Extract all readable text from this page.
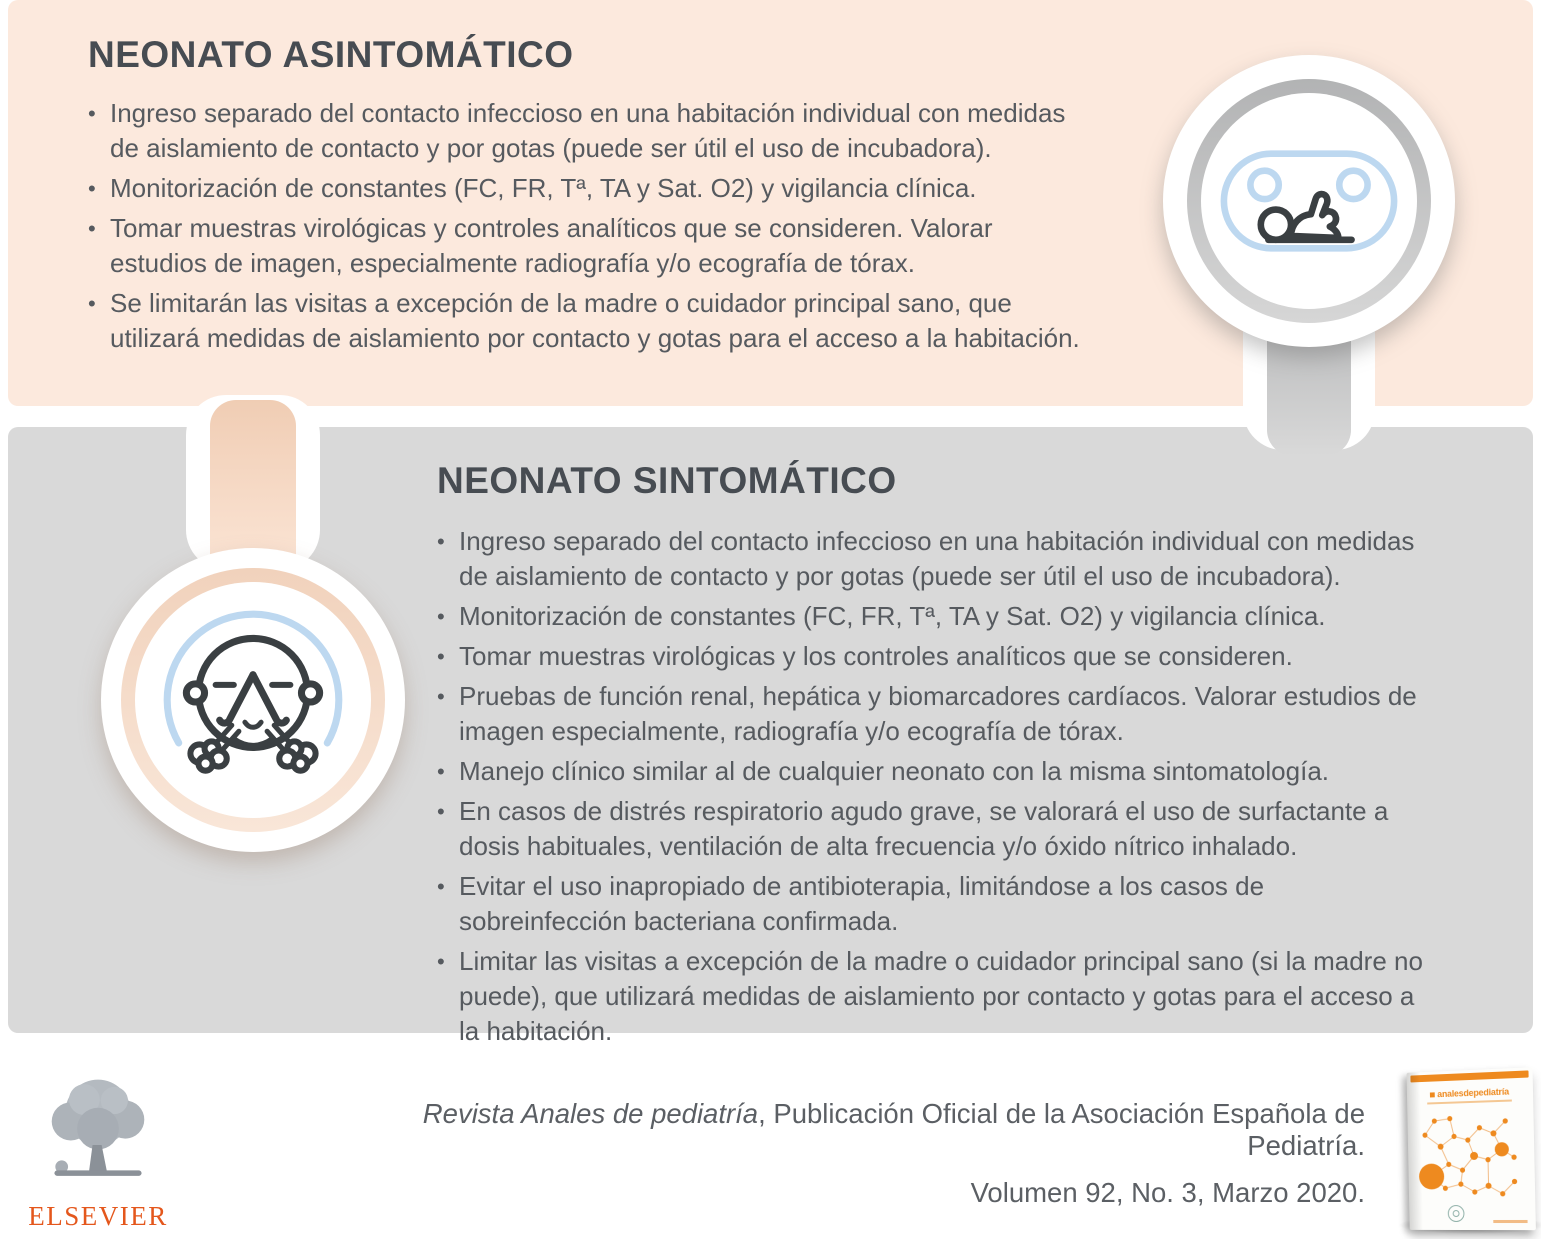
NEONATO ASINTOMÁTICO
• Ingreso separado del contacto infeccioso en una habitación individual con medidas de aislamiento de contacto y por gotas (puede ser útil el uso de incubadora).
• Monitorización de constantes (FC, FR, Tª, TA y Sat. O2) y vigilancia clínica.
• Tomar muestras virológicas y controles analíticos que se consideren. Valorar estudios de imagen, especialmente radiografía y/o ecografía de tórax.
• Se limitarán las visitas a excepción de la madre o cuidador principal sano, que utilizará medidas de aislamiento por contacto y gotas para el acceso a la habitación.
NEONATO SINTOMÁTICO
• Ingreso separado del contacto infeccioso en una habitación individual con medidas de aislamiento de contacto y por gotas (puede ser útil el uso de incubadora).
• Monitorización de constantes (FC, FR, Tª, TA y Sat. O2) y vigilancia clínica.
• Tomar muestras virológicas y los controles analíticos que se consideren.
• Pruebas de función renal, hepática y biomarcadores cardíacos. Valorar estudios de imagen especialmente, radiografía y/o ecografía de tórax.
• Manejo clínico similar al de cualquier neonato con la misma sintomatología.
• En casos de distrés respiratorio agudo grave, se valorará el uso de surfactante a dosis habituales, ventilación de alta frecuencia y/o óxido nítrico inhalado.
• Evitar el uso inapropiado de antibioterapia, limitándose a los casos de sobreinfección bacteriana confirmada.
• Limitar las visitas a excepción de la madre o cuidador principal sano (si la madre no puede), que utilizará medidas de aislamiento por contacto y gotas para el acceso a la habitación.
ELSEVIER
Revista Anales de pediatría, Publicación Oficial de la Asociación Española de Pediatría.
Volumen 92, No. 3, Marzo 2020.
analesdepediatría
